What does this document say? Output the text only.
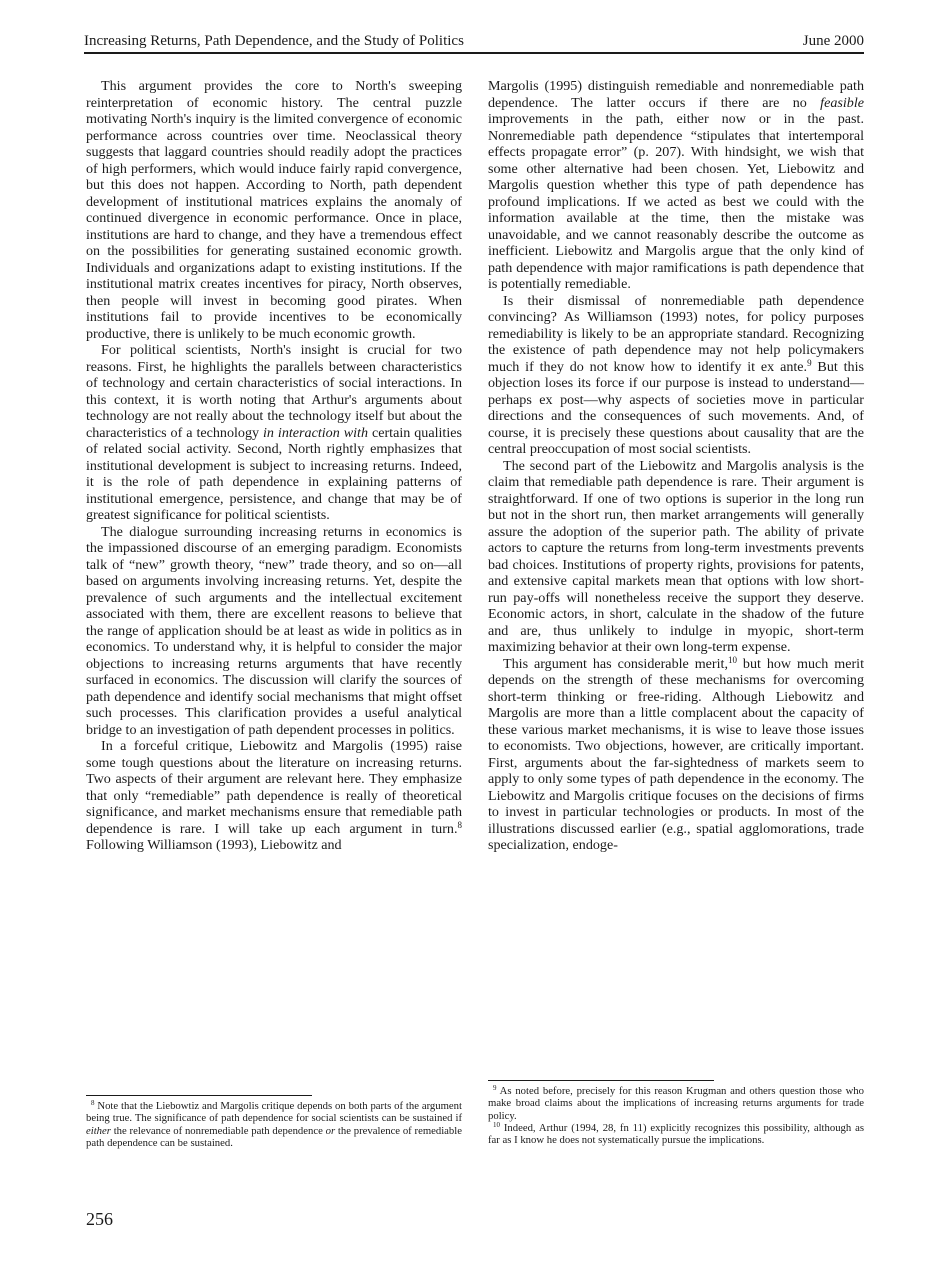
Increasing Returns, Path Dependence, and the Study of Politics	June 2000

This argument provides the core to North's sweeping reinterpretation of economic history. The central puzzle motivating North's inquiry is the limited convergence of economic performance across countries over time. Neoclassical theory suggests that laggard countries should readily adopt the practices of high performers, which would induce fairly rapid convergence, but this does not happen. According to North, path dependent development of institutional matrices explains the anomaly of continued divergence in economic performance. Once in place, institutions are hard to change, and they have a tremendous effect on the possibilities for generating sustained economic growth. Individuals and organizations adapt to existing institutions. If the institutional matrix creates incentives for piracy, North observes, then people will invest in becoming good pirates. When institutions fail to provide incentives to be economically productive, there is unlikely to be much economic growth.

For political scientists, North's insight is crucial for two reasons. First, he highlights the parallels between characteristics of technology and certain characteristics of social interactions. In this context, it is worth noting that Arthur's arguments about technology are not really about the technology itself but about the characteristics of a technology in interaction with certain qualities of related social activity. Second, North rightly emphasizes that institutional development is subject to increasing returns. Indeed, it is the role of path dependence in explaining patterns of institutional emergence, persistence, and change that may be of greatest significance for political scientists.

The dialogue surrounding increasing returns in economics is the impassioned discourse of an emerging paradigm. Economists talk of “new” growth theory, “new” trade theory, and so on—all based on arguments involving increasing returns. Yet, despite the prevalence of such arguments and the intellectual excitement associated with them, there are excellent reasons to believe that the range of application should be at least as wide in politics as in economics. To understand why, it is helpful to consider the major objections to increasing returns arguments that have recently surfaced in economics. The discussion will clarify the sources of path dependence and identify social mechanisms that might offset such processes. This clarification provides a useful analytical bridge to an investigation of path dependent processes in politics.

In a forceful critique, Liebowitz and Margolis (1995) raise some tough questions about the literature on increasing returns. Two aspects of their argument are relevant here. They emphasize that only “remediable” path dependence is really of theoretical significance, and market mechanisms ensure that remediable path dependence is rare. I will take up each argument in turn.$^8$ Following Williamson (1993), Liebowitz and

Margolis (1995) distinguish remediable and nonremediable path dependence. The latter occurs if there are no feasible improvements in the path, either now or in the past. Nonremediable path dependence “stipulates that intertemporal effects propagate error” (p. 207). With hindsight, we wish that some other alternative had been chosen. Yet, Liebowitz and Margolis question whether this type of path dependence has profound implications. If we acted as best we could with the information available at the time, then the mistake was unavoidable, and we cannot reasonably describe the outcome as inefficient. Liebowitz and Margolis argue that the only kind of path dependence with major ramifications is path dependence that is potentially remediable.

Is their dismissal of nonremediable path dependence convincing? As Williamson (1993) notes, for policy purposes remediability is likely to be an appropriate standard. Recognizing the existence of path dependence may not help policymakers much if they do not know how to identify it ex ante.$^9$ But this objection loses its force if our purpose is instead to understand—perhaps ex post—why aspects of societies move in particular directions and the consequences of such movements. And, of course, it is precisely these questions about causality that are the central preoccupation of most social scientists.

The second part of the Liebowitz and Margolis analysis is the claim that remediable path dependence is rare. Their argument is straightforward. If one of two options is superior in the long run but not in the short run, then market arrangements will generally assure the adoption of the superior path. The ability of private actors to capture the returns from long-term investments prevents bad choices. Institutions of property rights, provisions for patents, and extensive capital markets mean that options with low short-run pay-offs will nonetheless receive the support they deserve. Economic actors, in short, calculate in the shadow of the future and are, thus unlikely to indulge in myopic, short-term maximizing behavior at their own long-term expense.

This argument has considerable merit,$^{10}$ but how much merit depends on the strength of these mechanisms for overcoming short-term thinking or free-riding. Although Liebowitz and Margolis are more than a little complacent about the capacity of these various market mechanisms, it is wise to leave those issues to economists. Two objections, however, are critically important. First, arguments about the far-sightedness of markets seem to apply to only some types of path dependence in the economy. The Liebowitz and Margolis critique focuses on the decisions of firms to invest in particular technologies or products. In most of the illustrations discussed earlier (e.g., spatial agglomorations, trade specialization, endoge-

$^8$ Note that the Liebowtiz and Margolis critique depends on both parts of the argument being true. The significance of path dependence for social scientists can be sustained if either the relevance of nonremediable path dependence or the prevalence of remediable path dependence can be sustained.

$^9$ As noted before, precisely for this reason Krugman and others question those who make broad claims about the implications of increasing returns arguments for trade policy.

$^{10}$ Indeed, Arthur (1994, 28, fn 11) explicitly recognizes this possibility, although as far as I know he does not systematically pursue the implications.

256
